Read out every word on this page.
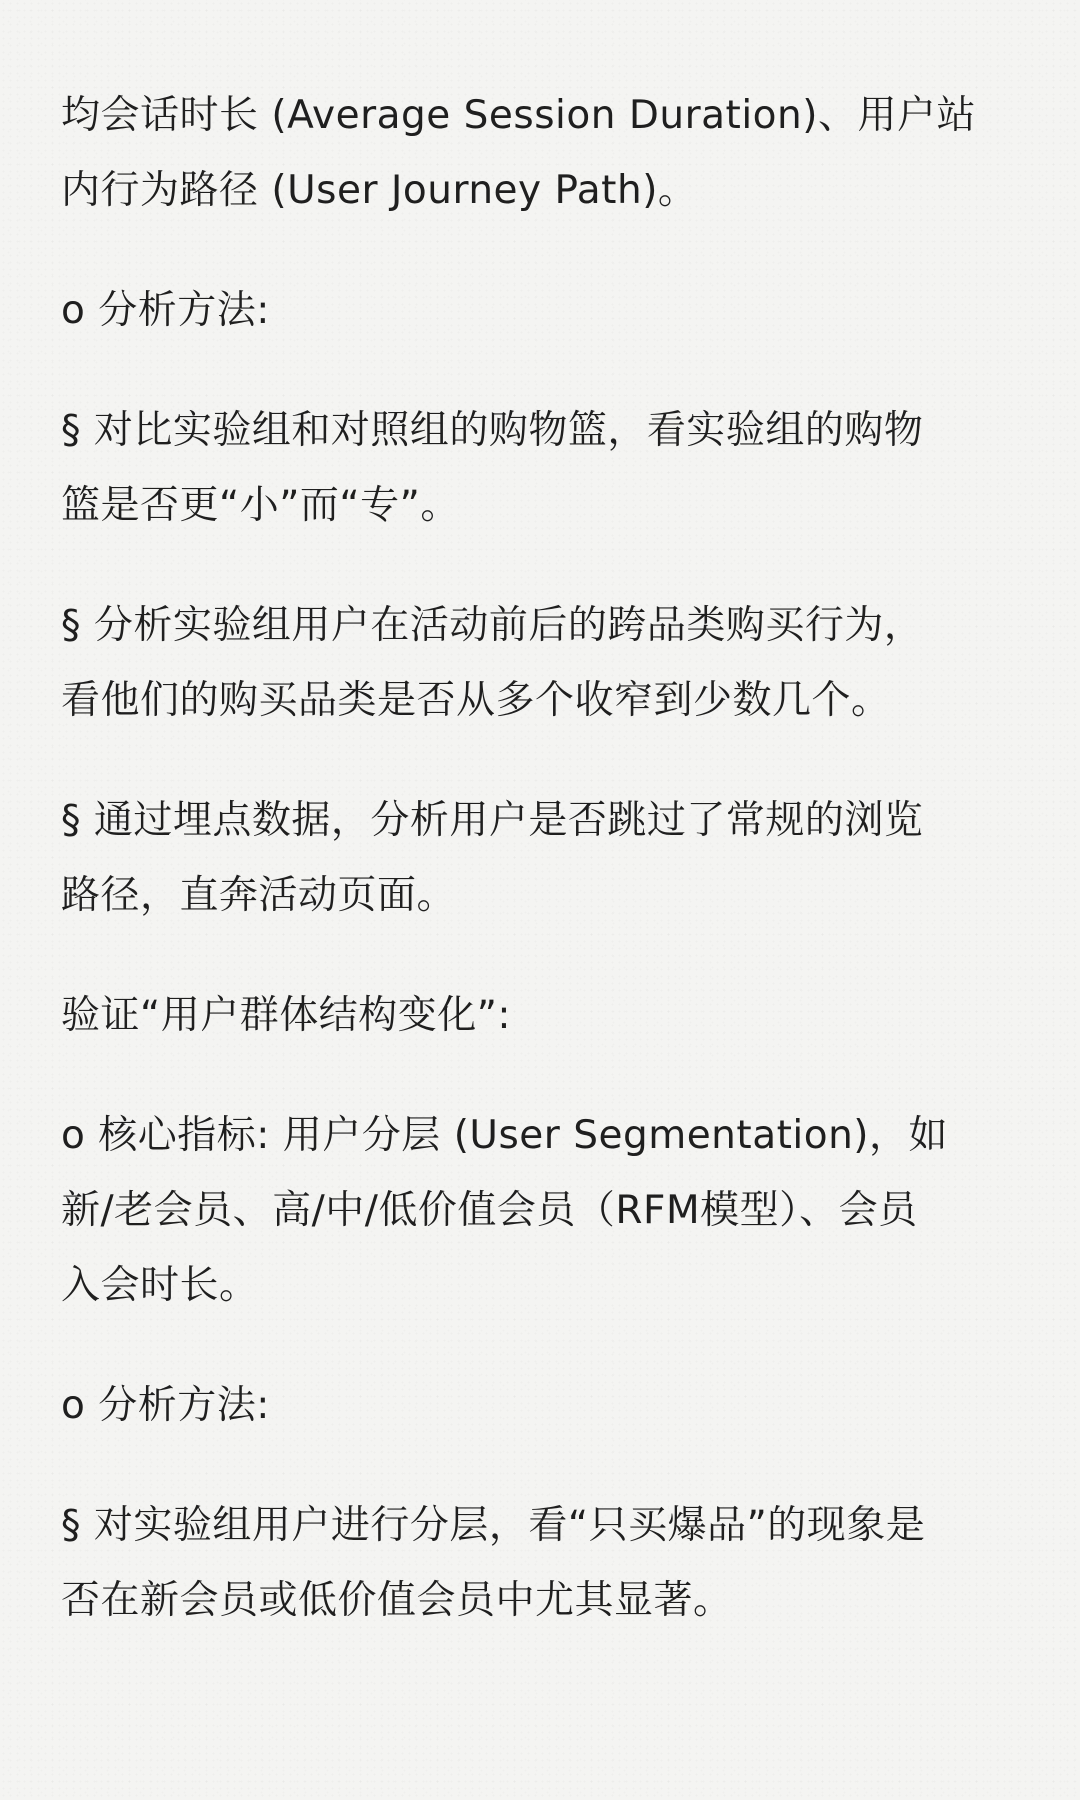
均会话时长 (Average Session Duration)、用户站
内行为路径 (User Journey Path)。

o 分析方法:

§ 对比实验组和对照组的购物篮，看实验组的购物
篮是否更“小”而“专”。

§ 分析实验组用户在活动前后的跨品类购买行为，
看他们的购买品类是否从多个收窄到少数几个。

§ 通过埋点数据，分析用户是否跳过了常规的浏览
路径，直奔活动页面。

验证“用户群体结构变化”:

o 核心指标: 用户分层 (User Segmentation)，如
新/老会员、高/中/低价值会员（RFM模型）、会员
入会时长。

o 分析方法:

§ 对实验组用户进行分层，看“只买爆品”的现象是
否在新会员或低价值会员中尤其显著。
